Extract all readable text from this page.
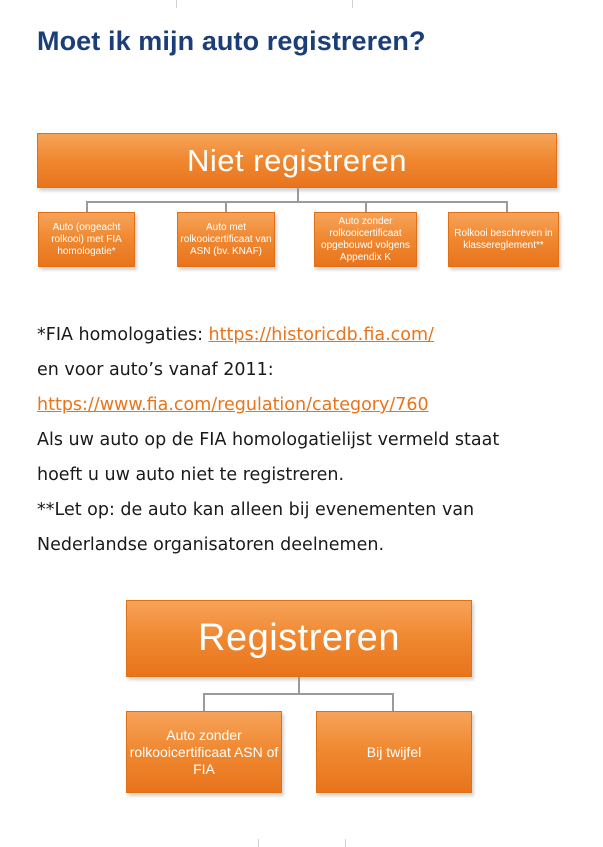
Moet ik mijn auto registreren?
Niet registreren
Auto (ongeacht rolkooi) met FIA homologatie*
Auto met rolkooicertificaat van ASN (bv. KNAF)
Auto zonder rolkooicertificaat opgebouwd volgens Appendix K
Rolkooi beschreven in klassereglement**

*FIA homologaties: https://historicdb.fia.com/

en voor auto’s vanaf 2011:

https://www.fia.com/regulation/category/760

Als uw auto op de FIA homologatielijst vermeld staat

hoeft u uw auto niet te registreren.

**Let op: de auto kan alleen bij evenementen van

Nederlandse organisatoren deelnemen.

Registreren
Auto zonder rolkooicertificaat ASN of FIA
Bij twijfel
